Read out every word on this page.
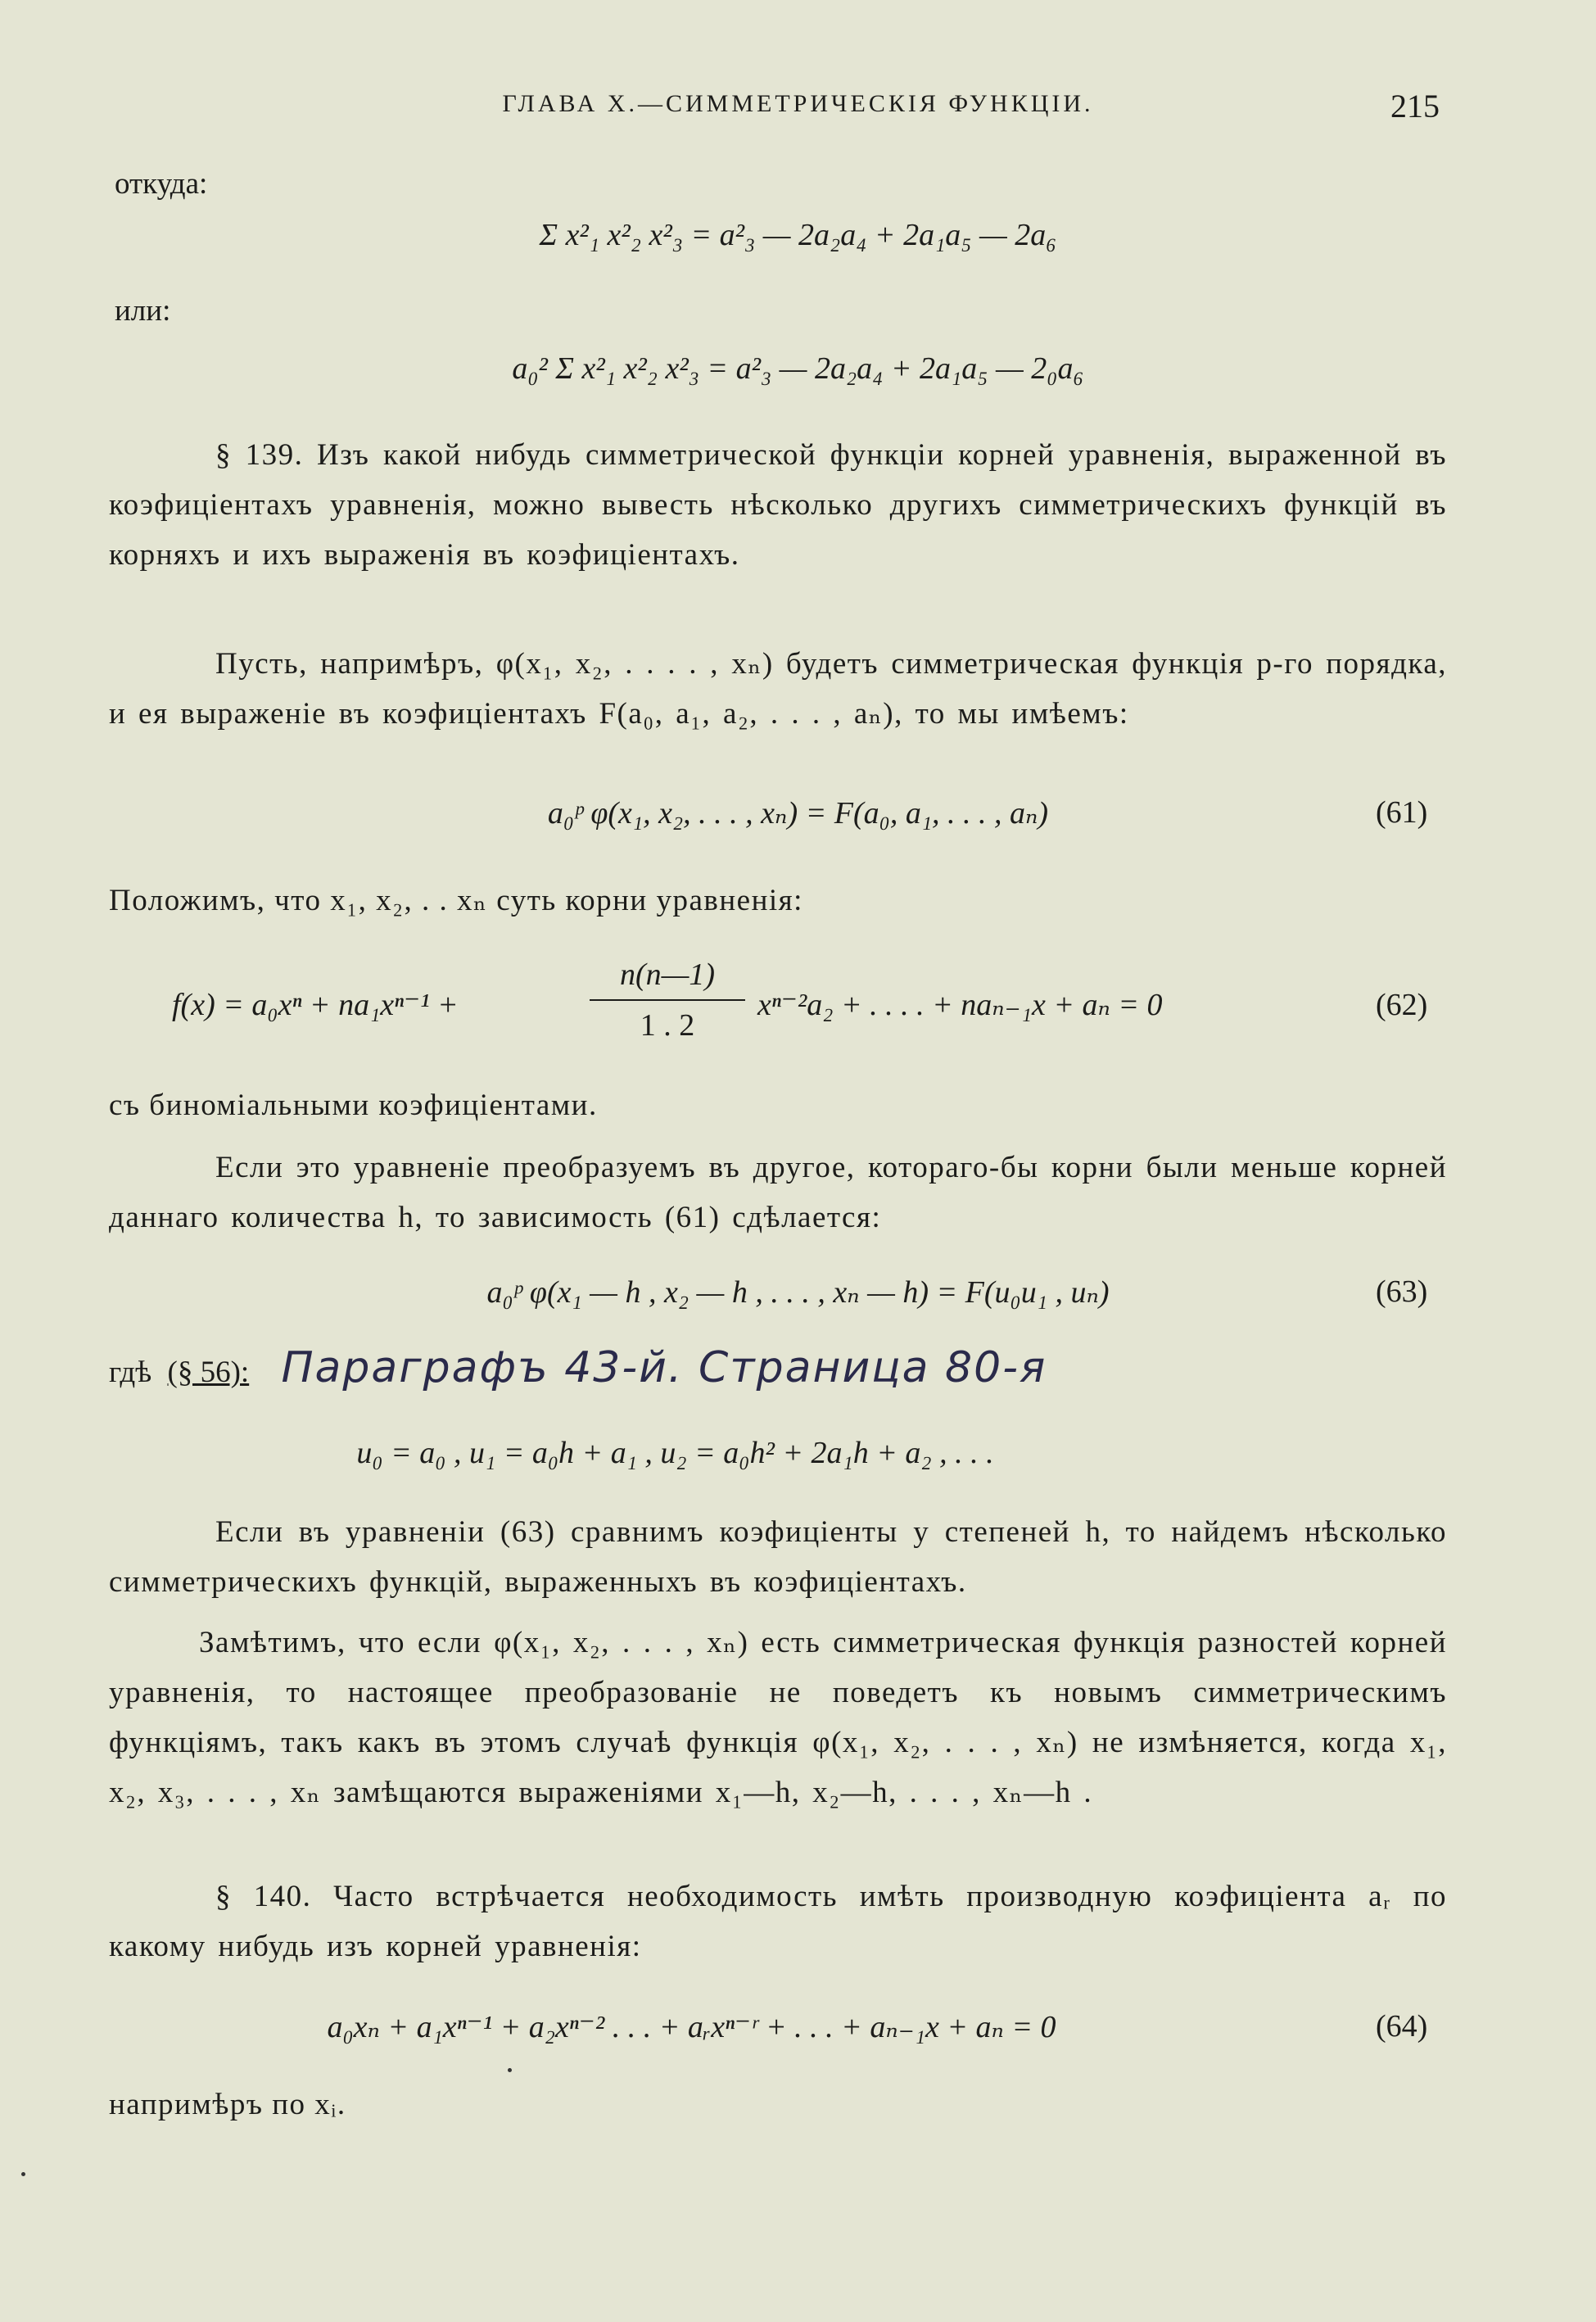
ГЛАВА X.—СИММЕТРИЧЕСКІЯ ФУНКЦІИ.	215
откуда:
Σ x²₁ x²₂ x²₃ = a²₃ — 2a₂a₄ + 2a₁a₅ — 2a₆
или:
a₀² Σ x²₁ x²₂ x²₃ = a²₃ — 2a₂a₄ + 2a₁a₅ — 2₀a₆
§ 139. Изъ какой нибудь симметрической функціи корней уравненія, выраженной въ коэфиціентахъ уравненія, можно вывесть нѣсколько другихъ симметрическихъ функцій въ корняхъ и ихъ выраженія въ коэфиціентахъ.
Пусть, напримѣръ, φ(x₁, x₂, . . . . , xₙ) будетъ симметрическая функція p-го порядка, и ея выраженіе въ коэфиціентахъ F(a₀, a₁, a₂, . . . , aₙ), то мы имѣемъ:
a₀ᵖ φ(x₁, x₂, . . . , xₙ) = F(a₀, a₁, . . . , aₙ)	(61)
Положимъ, что x₁, x₂, . . xₙ суть корни уравненія:
f(x) = a₀xⁿ + na₁xⁿ⁻¹ +
n(n—1)
1 . 2
xⁿ⁻²a₂ + . . . . + naₙ₋₁x + aₙ = 0	(62)
съ биноміальными коэфиціентами.
Если это уравненіе преобразуемъ въ другое, котораго-бы корни были меньше корней даннаго количества h, то зависимость (61) сдѣлается:
a₀ᵖ φ(x₁ — h , x₂ — h , . . . , xₙ — h) = F(u₀u₁ , uₙ)	(63)
гдѣ (§ 56): Параграфъ 43-й. Страница 80-я
u₀ = a₀ , u₁ = a₀h + a₁ , u₂ = a₀h² + 2a₁h + a₂ , . . .
Если въ уравненіи (63) сравнимъ коэфиціенты у степеней h, то найдемъ нѣсколько симметрическихъ функцій, выраженныхъ въ коэфиціентахъ.
Замѣтимъ, что если φ(x₁, x₂, . . . , xₙ) есть симметрическая функція разностей корней уравненія, то настоящее преобразованіе не поведетъ къ новымъ симметрическимъ функціямъ, такъ какъ въ этомъ случаѣ функція φ(x₁, x₂, . . . , xₙ) не измѣняется, когда x₁, x₂, x₃, . . . , xₙ замѣщаются выраженіями x₁—h, x₂—h, . . . , xₙ—h .
§ 140. Часто встрѣчается необходимость имѣть производную коэфиціента aᵣ по какому нибудь изъ корней уравненія:
a₀xₙ + a₁xⁿ⁻¹ + a₂xⁿ⁻² . . . + aᵣxⁿ⁻ʳ + . . . + aₙ₋₁x + aₙ = 0	(64)
напримѣръ по xᵢ.
